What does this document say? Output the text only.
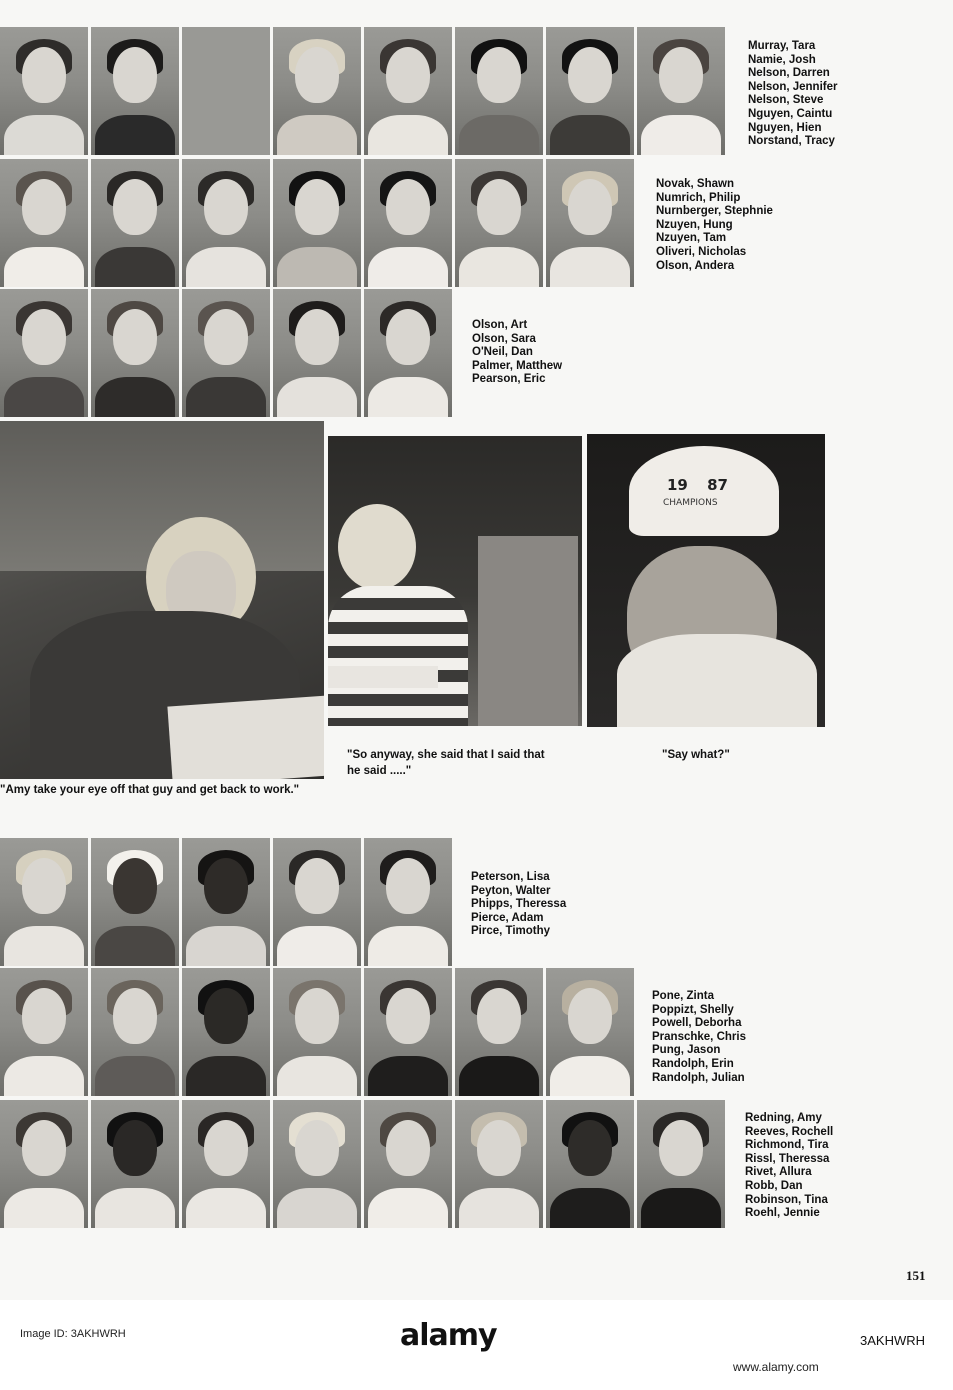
Murray, Tara
Namie, Josh
Nelson, Darren
Nelson, Jennifer
Nelson, Steve
Nguyen, Caintu
Nguyen, Hien
Norstand, Tracy
Novak, Shawn
Numrich, Philip
Nurnberger, Stephnie
Nzuyen, Hung
Nzuyen, Tam
Oliveri, Nicholas
Olson, Andera
Olson, Art
Olson, Sara
O'Neil, Dan
Palmer, Matthew
Pearson, Eric
19 87
CHAMPIONS
"Amy take your eye off that guy and get back to work."
"So anyway, she said that I said that
he said ....."
"Say what?"
Peterson, Lisa
Peyton, Walter
Phipps, Theressa
Pierce, Adam
Pirce, Timothy
Pone, Zinta
Poppizt, Shelly
Powell, Deborha
Pranschke, Chris
Pung, Jason
Randolph, Erin
Randolph, Julian
Redning, Amy
Reeves, Rochell
Richmond, Tira
Rissl, Theressa
Rivet, Allura
Robb, Dan
Robinson, Tina
Roehl, Jennie
151
alamy
Image ID: 3AKHWRH	3AKHWRH
www.alamy.com
